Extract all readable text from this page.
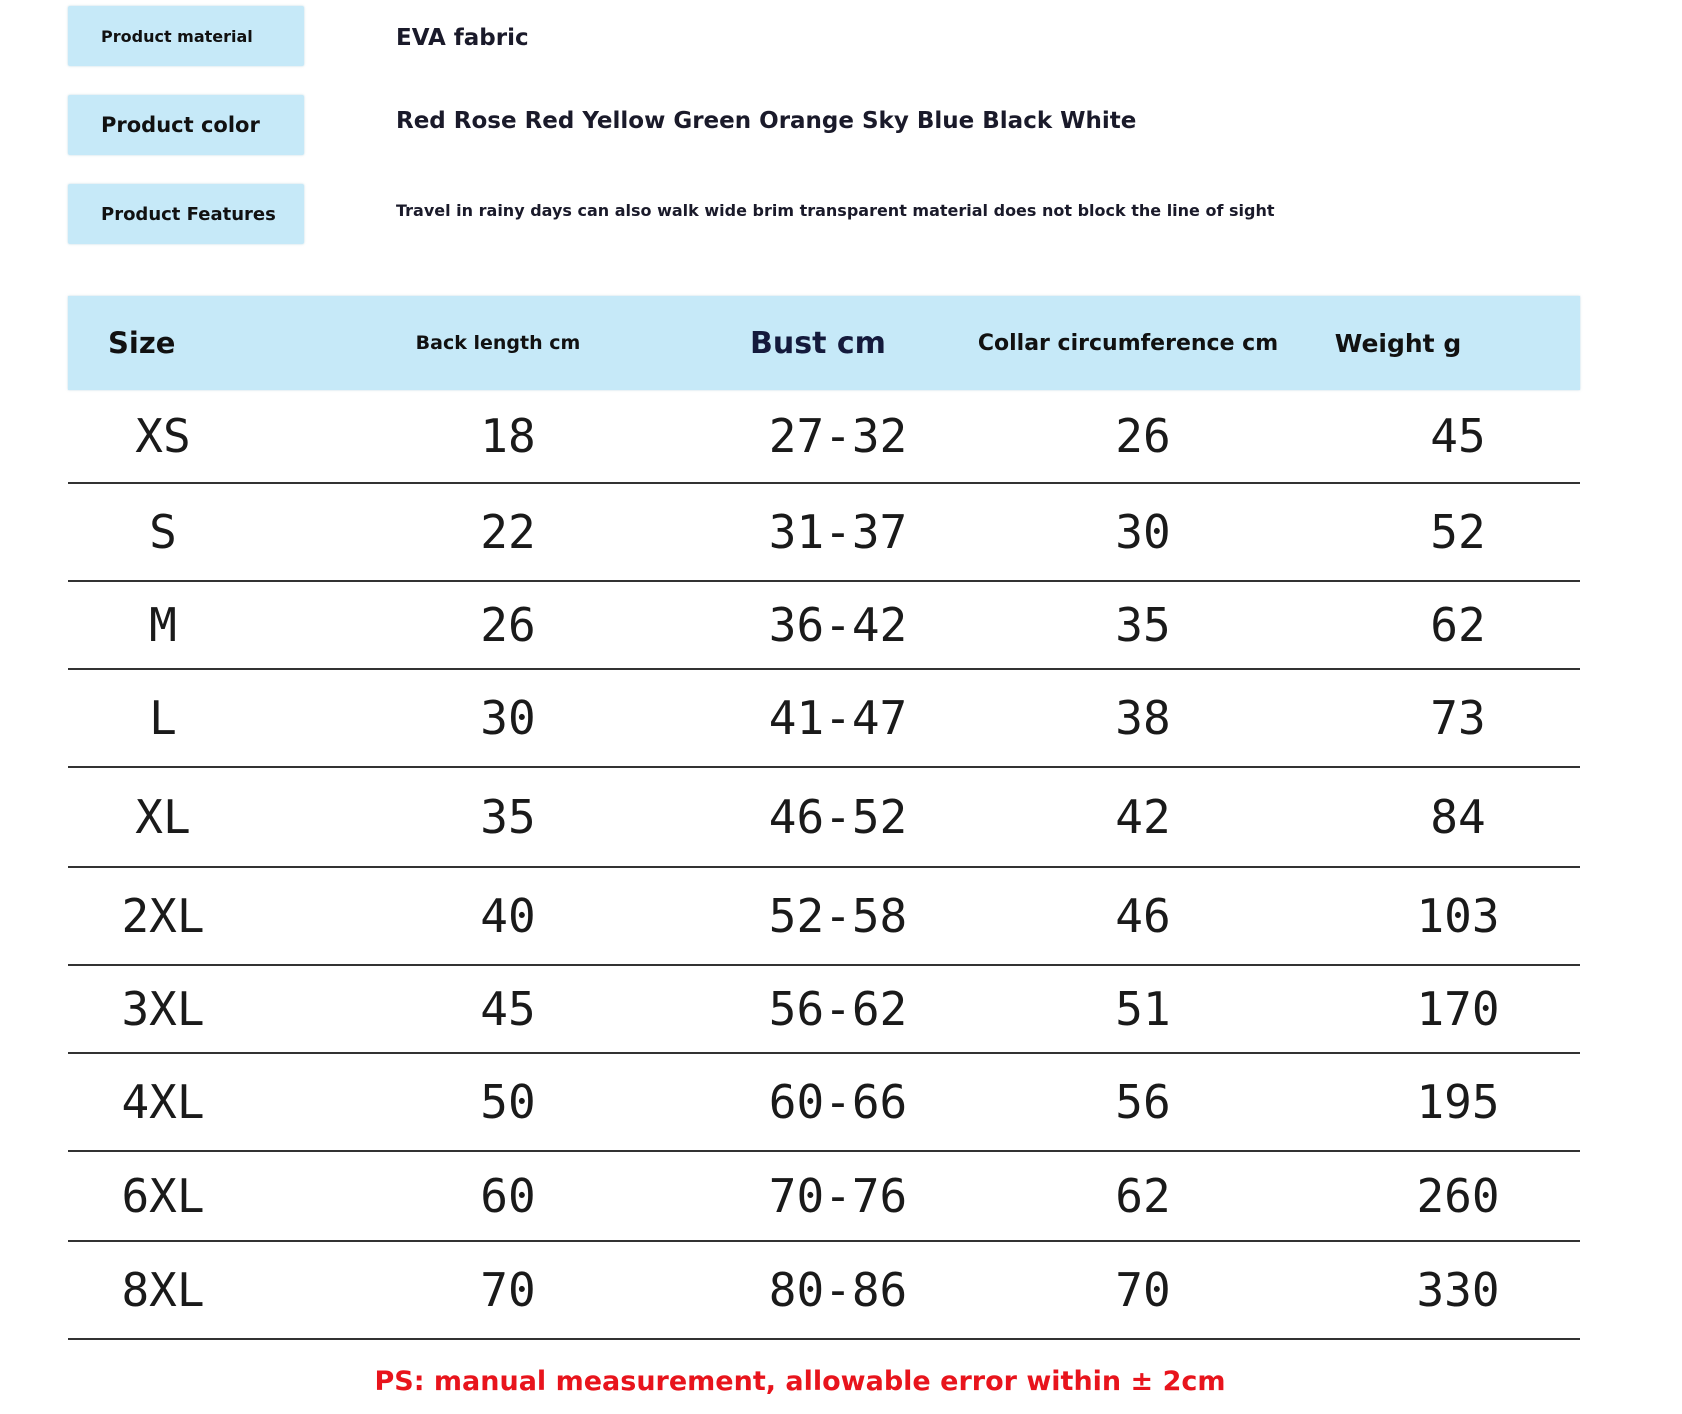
Product material	EVA fabric
Product color	Red Rose Red Yellow Green Orange Sky Blue Black White
Product Features	Travel in rainy days can also walk wide brim transparent material does not block the line of sight
Size	Back length cm	Bust cm	Collar circumference cm	Weight g
XS	18	27-32	26	45
S	22	31-37	30	52
M	26	36-42	35	62
L	30	41-47	38	73
XL	35	46-52	42	84
2XL	40	52-58	46	103
3XL	45	56-62	51	170
4XL	50	60-66	56	195
6XL	60	70-76	62	260
8XL	70	80-86	70	330
PS: manual measurement, allowable error within ± 2cm
